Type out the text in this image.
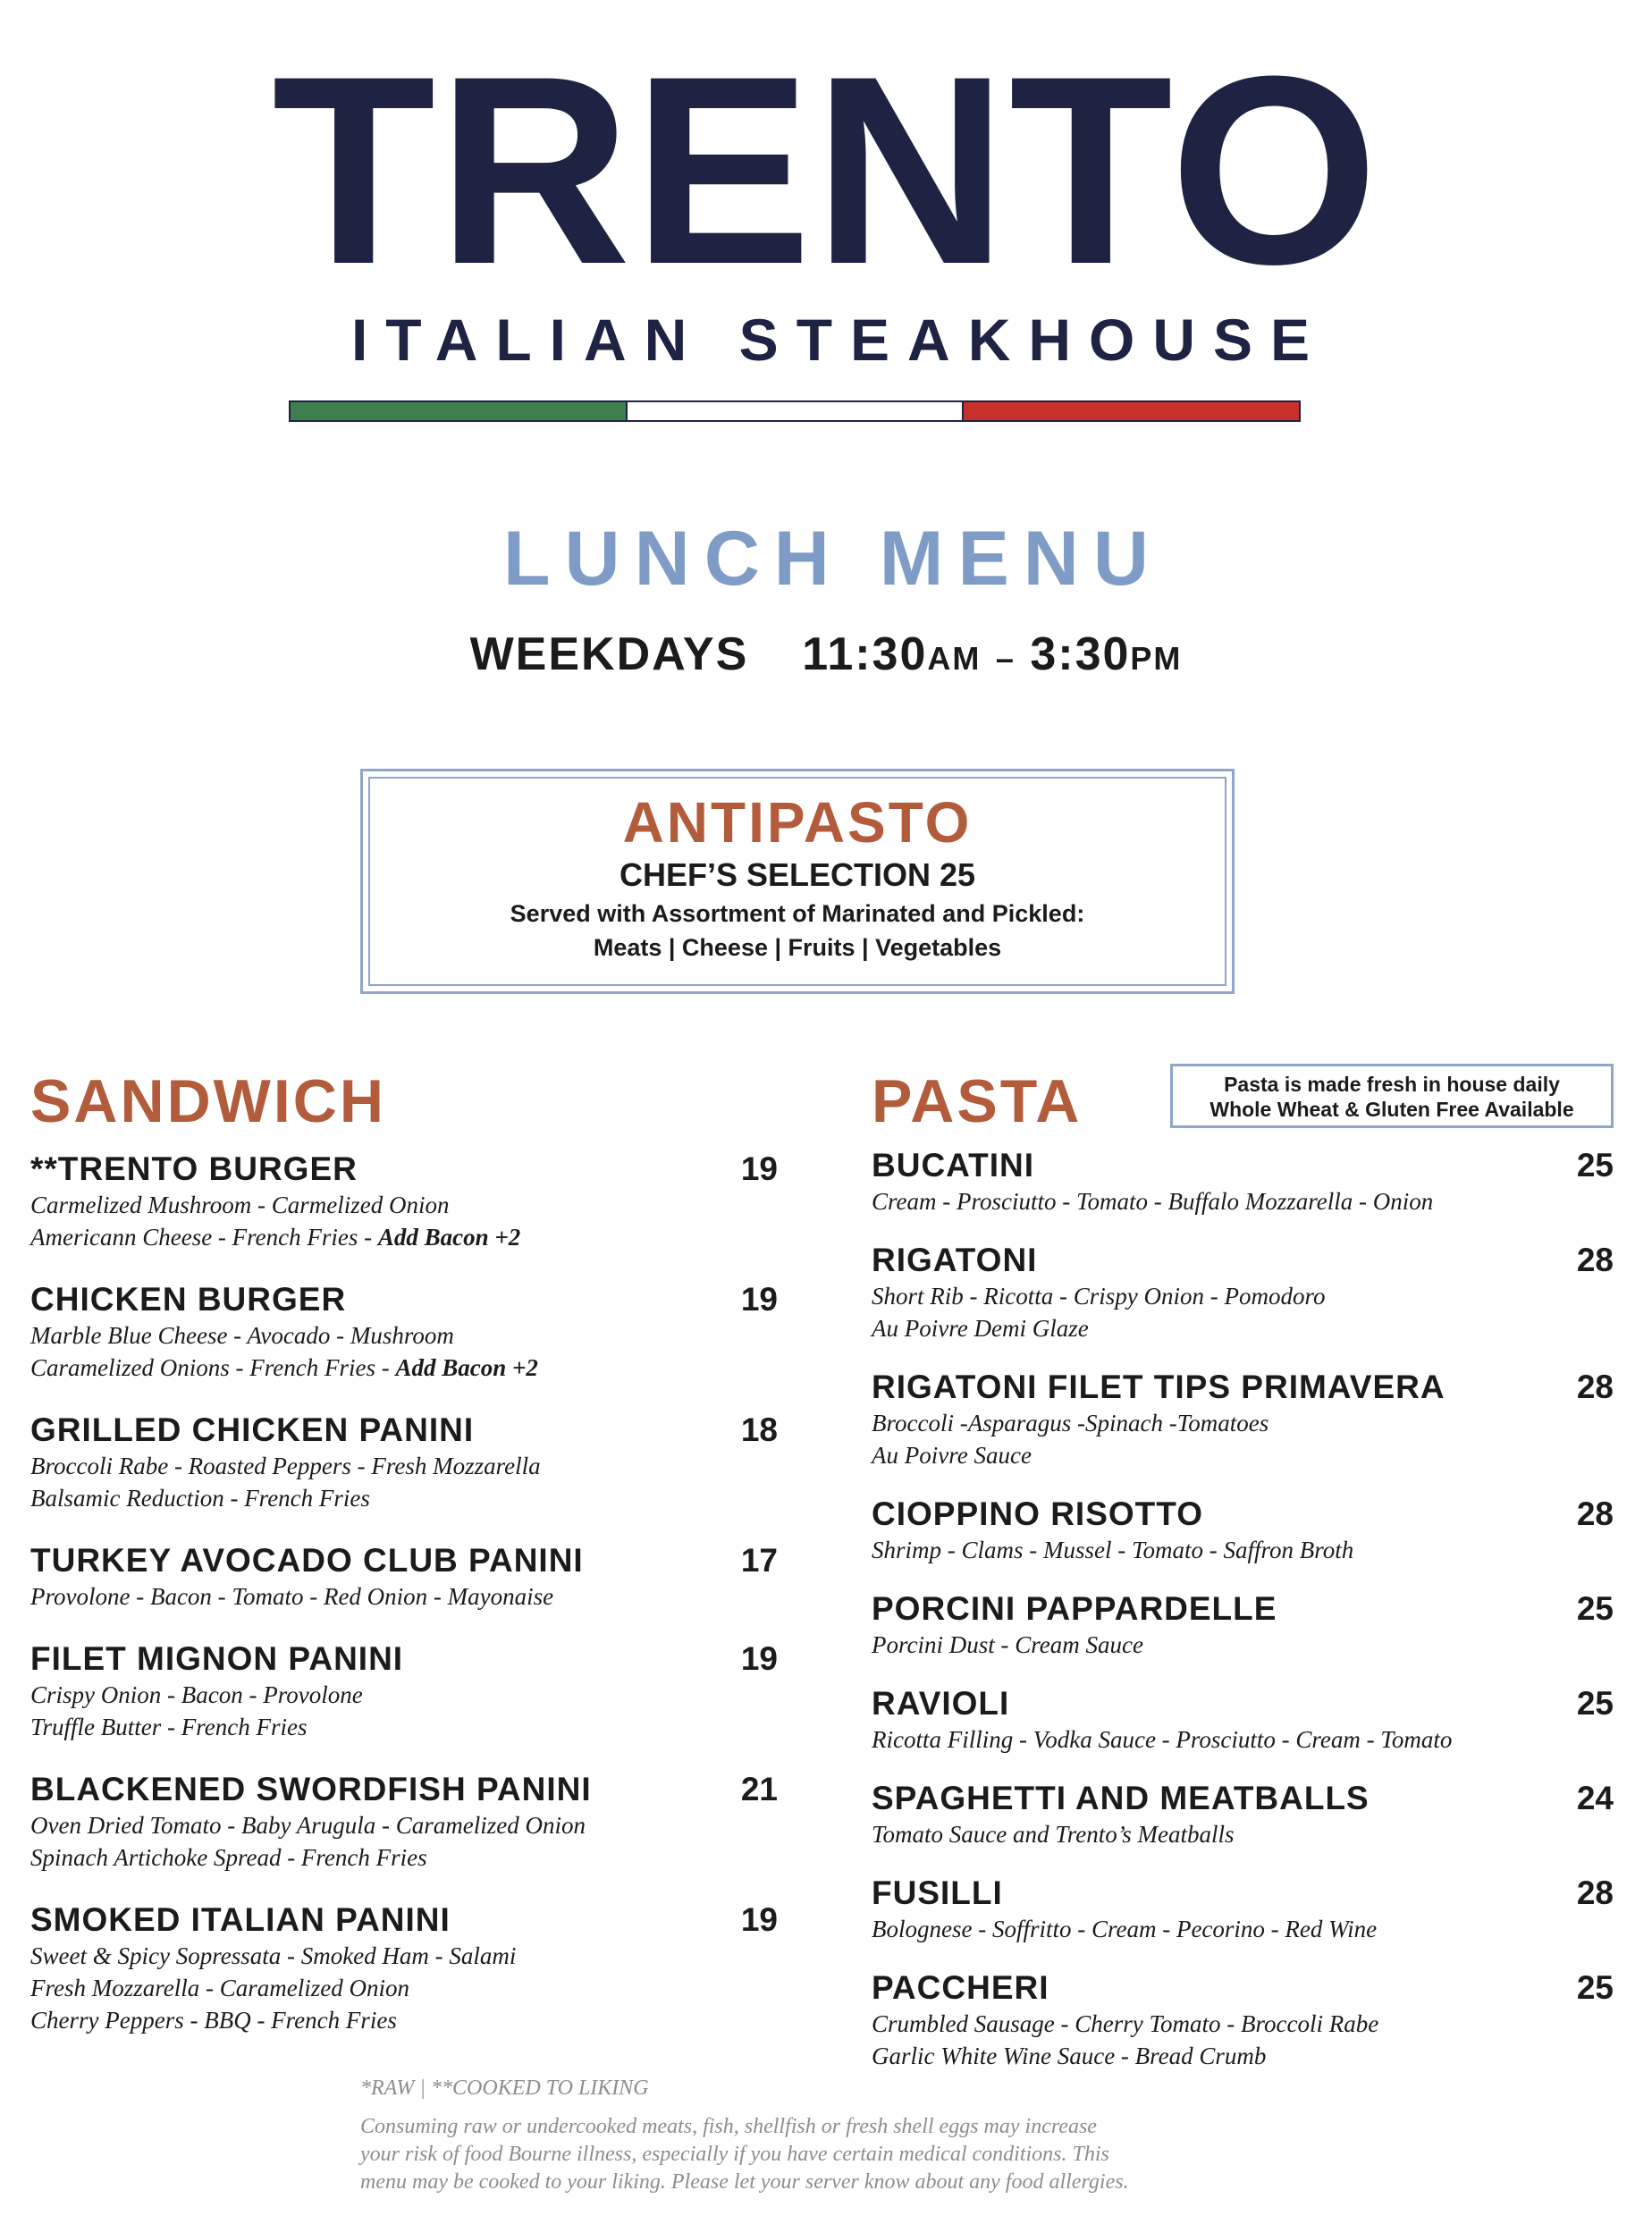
TRENTO
ITALIAN STEAKHOUSE
LUNCH MENU
WEEKDAYS 11:30AM – 3:30PM
ANTIPASTO
CHEF’S SELECTION 25
Served with Assortment of Marinated and Pickled:
Meats | Cheese | Fruits | Vegetables
SANDWICH
**TRENTO BURGER	19
Carmelized Mushroom - Carmelized Onion
Americann Cheese - French Fries - Add Bacon +2
CHICKEN BURGER	19
Marble Blue Cheese - Avocado - Mushroom
Caramelized Onions - French Fries - Add Bacon +2
GRILLED CHICKEN PANINI	18
Broccoli Rabe - Roasted Peppers - Fresh Mozzarella
Balsamic Reduction - French Fries
TURKEY AVOCADO CLUB PANINI	17
Provolone - Bacon - Tomato - Red Onion - Mayonaise
FILET MIGNON PANINI	19
Crispy Onion - Bacon - Provolone
Truffle Butter - French Fries
BLACKENED SWORDFISH PANINI	21
Oven Dried Tomato - Baby Arugula - Caramelized Onion
Spinach Artichoke Spread - French Fries
SMOKED ITALIAN PANINI	19
Sweet & Spicy Sopressata - Smoked Ham - Salami
Fresh Mozzarella - Caramelized Onion
Cherry Peppers - BBQ - French Fries
PASTA	Pasta is made fresh in house daily
Whole Wheat & Gluten Free Available
BUCATINI	25
Cream - Prosciutto - Tomato - Buffalo Mozzarella - Onion
RIGATONI	28
Short Rib - Ricotta - Crispy Onion - Pomodoro
Au Poivre Demi Glaze
RIGATONI FILET TIPS PRIMAVERA	28
Broccoli -Asparagus -Spinach -Tomatoes
Au Poivre Sauce
CIOPPINO RISOTTO	28
Shrimp - Clams - Mussel - Tomato - Saffron Broth
PORCINI PAPPARDELLE	25
Porcini Dust - Cream Sauce
RAVIOLI	25
Ricotta Filling - Vodka Sauce - Prosciutto - Cream - Tomato
SPAGHETTI AND MEATBALLS	24
Tomato Sauce and Trento’s Meatballs
FUSILLI	28
Bolognese - Soffritto - Cream - Pecorino - Red Wine
PACCHERI	25
Crumbled Sausage - Cherry Tomato - Broccoli Rabe
Garlic White Wine Sauce - Bread Crumb
*RAW | **COOKED TO LIKING
Consuming raw or undercooked meats, fish, shellfish or fresh shell eggs may increase
your risk of food Bourne illness, especially if you have certain medical conditions. This
menu may be cooked to your liking. Please let your server know about any food allergies.
